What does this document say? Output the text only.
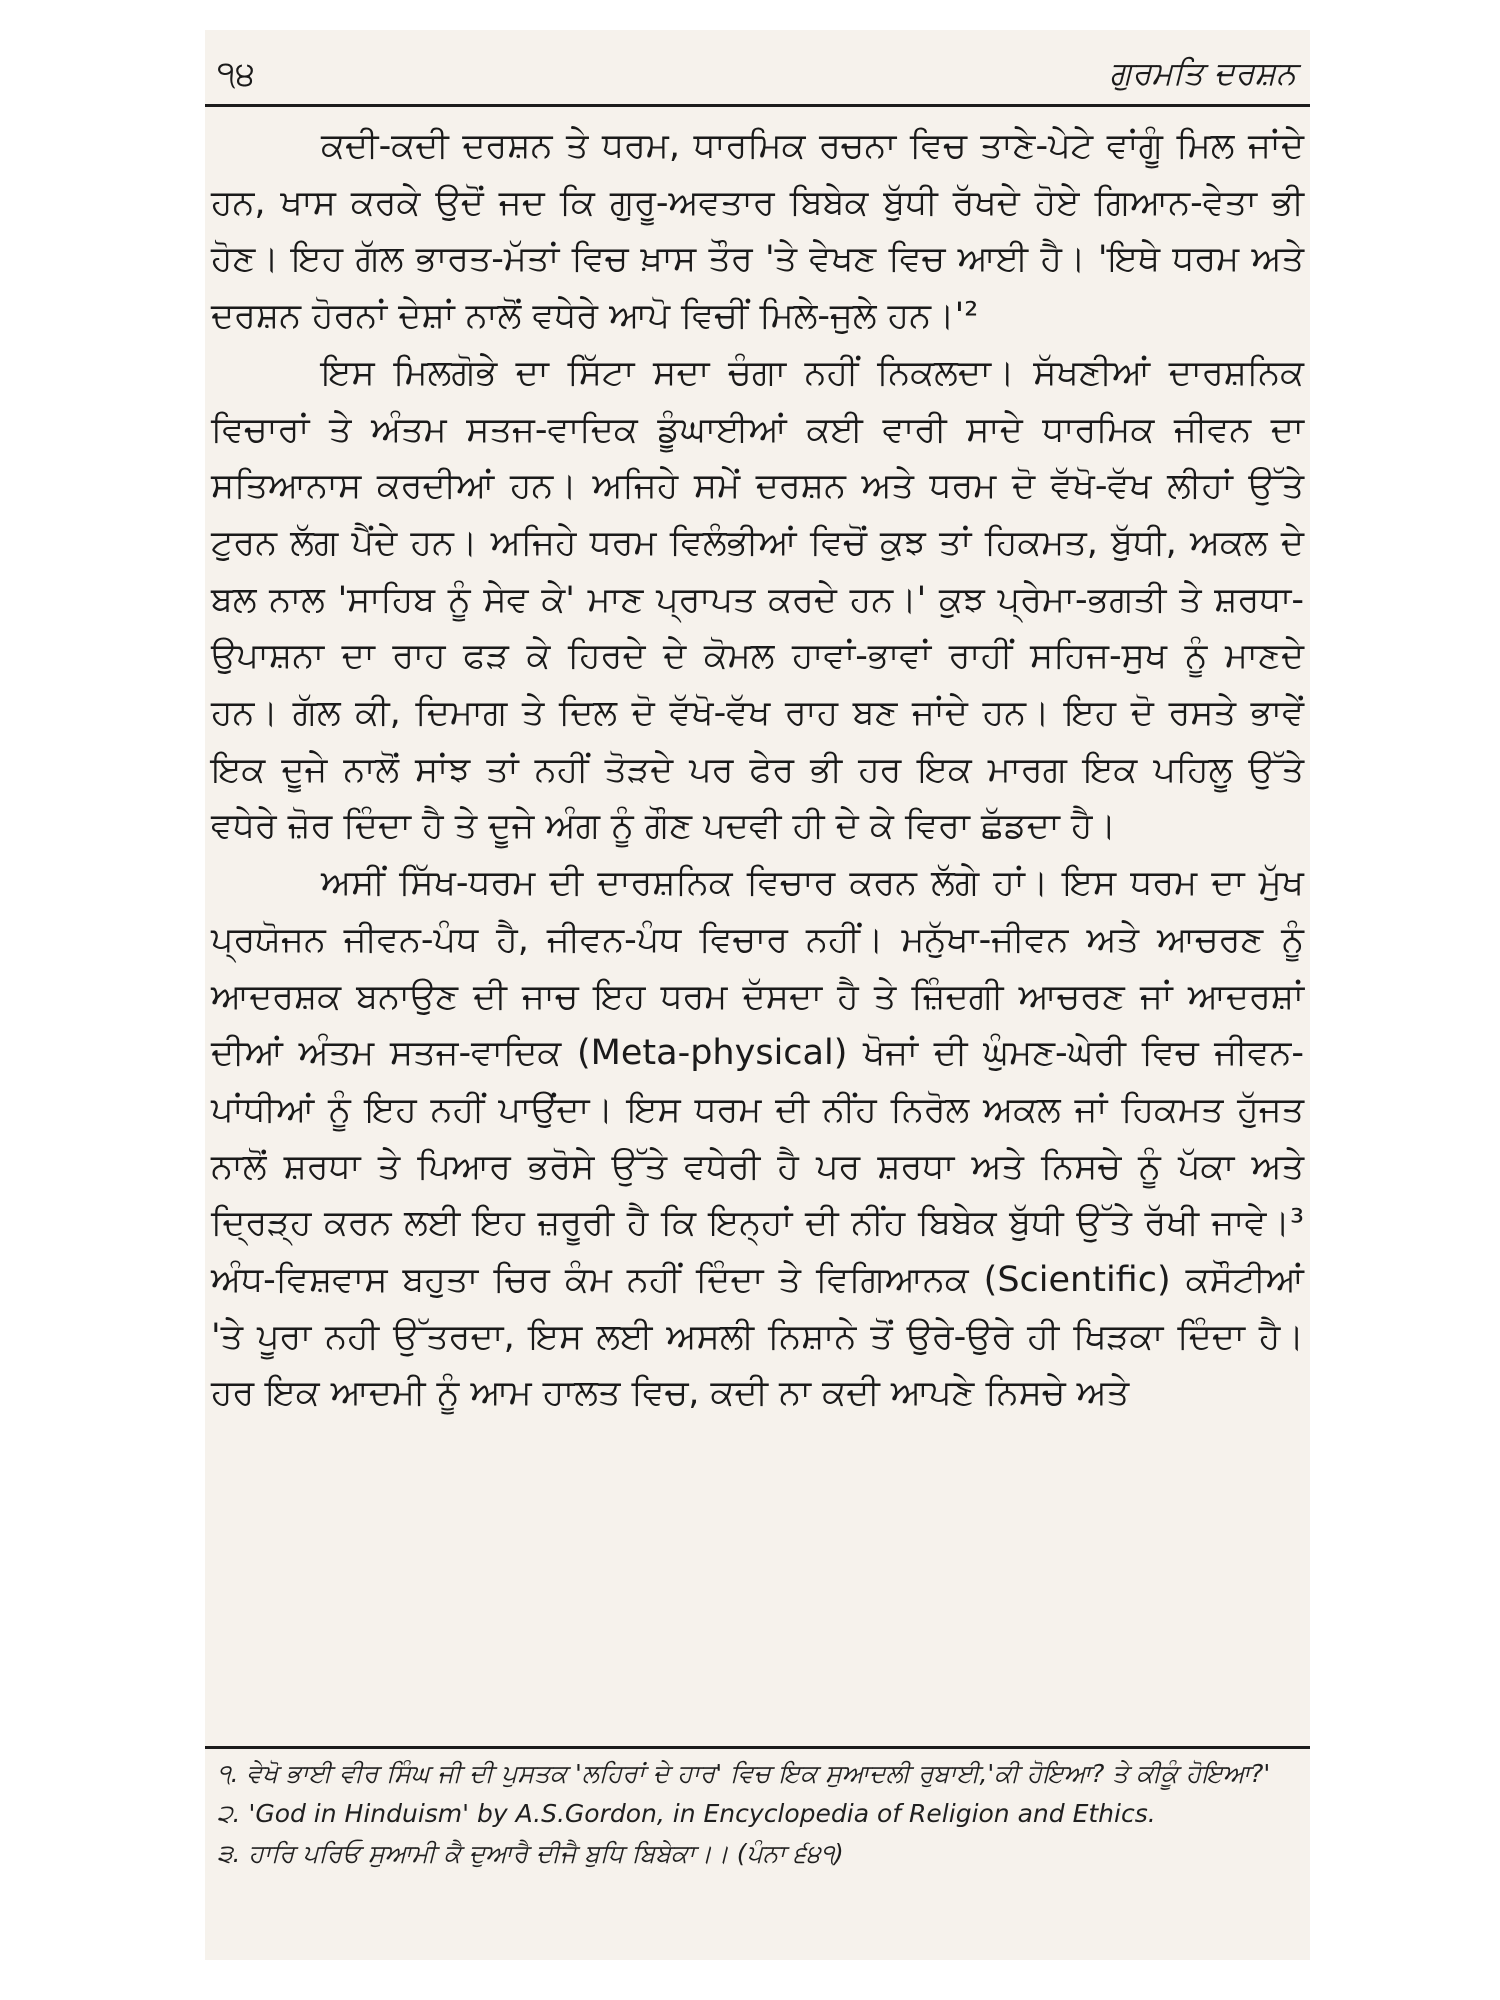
੧੪	ਗੁਰਮਤਿ ਦਰਸ਼ਨ

ਕਦੀ-ਕਦੀ ਦਰਸ਼ਨ ਤੇ ਧਰਮ, ਧਾਰਮਿਕ ਰਚਨਾ ਵਿਚ ਤਾਣੇ-ਪੇਟੇ ਵਾਂਗੂੰ ਮਿਲ ਜਾਂਦੇ ਹਨ, ਖਾਸ ਕਰਕੇ ਉਦੋਂ ਜਦ ਕਿ ਗੁਰੂ-ਅਵਤਾਰ ਬਿਬੇਕ ਬੁੱਧੀ ਰੱਖਦੇ ਹੋਏ ਗਿਆਨ-ਵੇਤਾ ਭੀ ਹੋਣ। ਇਹ ਗੱਲ ਭਾਰਤ-ਮੱਤਾਂ ਵਿਚ ਖ਼ਾਸ ਤੌਰ 'ਤੇ ਵੇਖਣ ਵਿਚ ਆਈ ਹੈ। 'ਇਥੇ ਧਰਮ ਅਤੇ ਦਰਸ਼ਨ ਹੋਰਨਾਂ ਦੇਸ਼ਾਂ ਨਾਲੋਂ ਵਧੇਰੇ ਆਪੋ ਵਿਚੀਂ ਮਿਲੇ-ਜੁਲੇ ਹਨ।'²

ਇਸ ਮਿਲਗੋਭੇ ਦਾ ਸਿੱਟਾ ਸਦਾ ਚੰਗਾ ਨਹੀਂ ਨਿਕਲਦਾ। ਸੱਖਣੀਆਂ ਦਾਰਸ਼ਨਿਕ ਵਿਚਾਰਾਂ ਤੇ ਅੰਤਮ ਸਤਜ-ਵਾਦਿਕ ਡੂੰਘਾਈਆਂ ਕਈ ਵਾਰੀ ਸਾਦੇ ਧਾਰਮਿਕ ਜੀਵਨ ਦਾ ਸਤਿਆਨਾਸ ਕਰਦੀਆਂ ਹਨ। ਅਜਿਹੇ ਸਮੇਂ ਦਰਸ਼ਨ ਅਤੇ ਧਰਮ ਦੋ ਵੱਖੋ-ਵੱਖ ਲੀਹਾਂ ਉੱਤੇ ਟੁਰਨ ਲੱਗ ਪੈਂਦੇ ਹਨ। ਅਜਿਹੇ ਧਰਮ ਵਿਲੰਭੀਆਂ ਵਿਚੋਂ ਕੁਝ ਤਾਂ ਹਿਕਮਤ, ਬੁੱਧੀ, ਅਕਲ ਦੇ ਬਲ ਨਾਲ 'ਸਾਹਿਬ ਨੂੰ ਸੇਵ ਕੇ' ਮਾਣ ਪ੍ਰਾਪਤ ਕਰਦੇ ਹਨ।' ਕੁਝ ਪ੍ਰੇਮਾ-ਭਗਤੀ ਤੇ ਸ਼ਰਧਾ-ਉਪਾਸ਼ਨਾ ਦਾ ਰਾਹ ਫੜ ਕੇ ਹਿਰਦੇ ਦੇ ਕੋਮਲ ਹਾਵਾਂ-ਭਾਵਾਂ ਰਾਹੀਂ ਸਹਿਜ-ਸੁਖ ਨੂੰ ਮਾਣਦੇ ਹਨ। ਗੱਲ ਕੀ, ਦਿਮਾਗ ਤੇ ਦਿਲ ਦੋ ਵੱਖੋ-ਵੱਖ ਰਾਹ ਬਣ ਜਾਂਦੇ ਹਨ। ਇਹ ਦੋ ਰਸਤੇ ਭਾਵੇਂ ਇਕ ਦੂਜੇ ਨਾਲੋਂ ਸਾਂਝ ਤਾਂ ਨਹੀਂ ਤੋੜਦੇ ਪਰ ਫੇਰ ਭੀ ਹਰ ਇਕ ਮਾਰਗ ਇਕ ਪਹਿਲੂ ਉੱਤੇ ਵਧੇਰੇ ਜ਼ੋਰ ਦਿੰਦਾ ਹੈ ਤੇ ਦੂਜੇ ਅੰਗ ਨੂੰ ਗੌਣ ਪਦਵੀ ਹੀ ਦੇ ਕੇ ਵਿਰਾ ਛੱਡਦਾ ਹੈ।

ਅਸੀਂ ਸਿੱਖ-ਧਰਮ ਦੀ ਦਾਰਸ਼ਨਿਕ ਵਿਚਾਰ ਕਰਨ ਲੱਗੇ ਹਾਂ। ਇਸ ਧਰਮ ਦਾ ਮੁੱਖ ਪ੍ਰਯੋਜਨ ਜੀਵਨ-ਪੰਧ ਹੈ, ਜੀਵਨ-ਪੰਧ ਵਿਚਾਰ ਨਹੀਂ। ਮਨੁੱਖਾ-ਜੀਵਨ ਅਤੇ ਆਚਰਣ ਨੂੰ ਆਦਰਸ਼ਕ ਬਨਾਉਣ ਦੀ ਜਾਚ ਇਹ ਧਰਮ ਦੱਸਦਾ ਹੈ ਤੇ ਜ਼ਿੰਦਗੀ ਆਚਰਣ ਜਾਂ ਆਦਰਸ਼ਾਂ ਦੀਆਂ ਅੰਤਮ ਸਤਜ-ਵਾਦਿਕ (Meta-physical) ਖੋਜਾਂ ਦੀ ਘੁੰਮਣ-ਘੇਰੀ ਵਿਚ ਜੀਵਨ-ਪਾਂਧੀਆਂ ਨੂੰ ਇਹ ਨਹੀਂ ਪਾਉਂਦਾ। ਇਸ ਧਰਮ ਦੀ ਨੀਂਹ ਨਿਰੋਲ ਅਕਲ ਜਾਂ ਹਿਕਮਤ ਹੁੱਜਤ ਨਾਲੋਂ ਸ਼ਰਧਾ ਤੇ ਪਿਆਰ ਭਰੋਸੇ ਉੱਤੇ ਵਧੇਰੀ ਹੈ ਪਰ ਸ਼ਰਧਾ ਅਤੇ ਨਿਸਚੇ ਨੂੰ ਪੱਕਾ ਅਤੇ ਦ੍ਰਿੜ੍ਹ ਕਰਨ ਲਈ ਇਹ ਜ਼ਰੂਰੀ ਹੈ ਕਿ ਇਨ੍ਹਾਂ ਦੀ ਨੀਂਹ ਬਿਬੇਕ ਬੁੱਧੀ ਉੱਤੇ ਰੱਖੀ ਜਾਵੇ।³ ਅੰਧ-ਵਿਸ਼ਵਾਸ ਬਹੁਤਾ ਚਿਰ ਕੰਮ ਨਹੀਂ ਦਿੰਦਾ ਤੇ ਵਿਗਿਆਨਕ (Scientific) ਕਸੌਟੀਆਂ 'ਤੇ ਪੂਰਾ ਨਹੀ ਉੱਤਰਦਾ, ਇਸ ਲਈ ਅਸਲੀ ਨਿਸ਼ਾਨੇ ਤੋਂ ਉਰੇ-ਉਰੇ ਹੀ ਖਿੜਕਾ ਦਿੰਦਾ ਹੈ। ਹਰ ਇਕ ਆਦਮੀ ਨੂੰ ਆਮ ਹਾਲਤ ਵਿਚ, ਕਦੀ ਨਾ ਕਦੀ ਆਪਣੇ ਨਿਸਚੇ ਅਤੇ

੧. ਵੇਖੋ ਭਾਈ ਵੀਰ ਸਿੰਘ ਜੀ ਦੀ ਪੁਸਤਕ 'ਲਹਿਰਾਂ ਦੇ ਹਾਰ' ਵਿਚ ਇਕ ਸੁਆਦਲੀ ਰੁਬਾਈ,'ਕੀ ਹੋਇਆ? ਤੇ ਕੀਕੂੰ ਹੋਇਆ?'

੨. 'God in Hinduism' by A.S.Gordon, in Encyclopedia of Religion and Ethics.

੩. ਹਾਰਿ ਪਰਿਓ ਸੁਆਮੀ ਕੈ ਦੁਆਰੈ ਦੀਜੈ ਬੁਧਿ ਬਿਬੇਕਾ।। (ਪੰਨਾ ੬੪੧)
